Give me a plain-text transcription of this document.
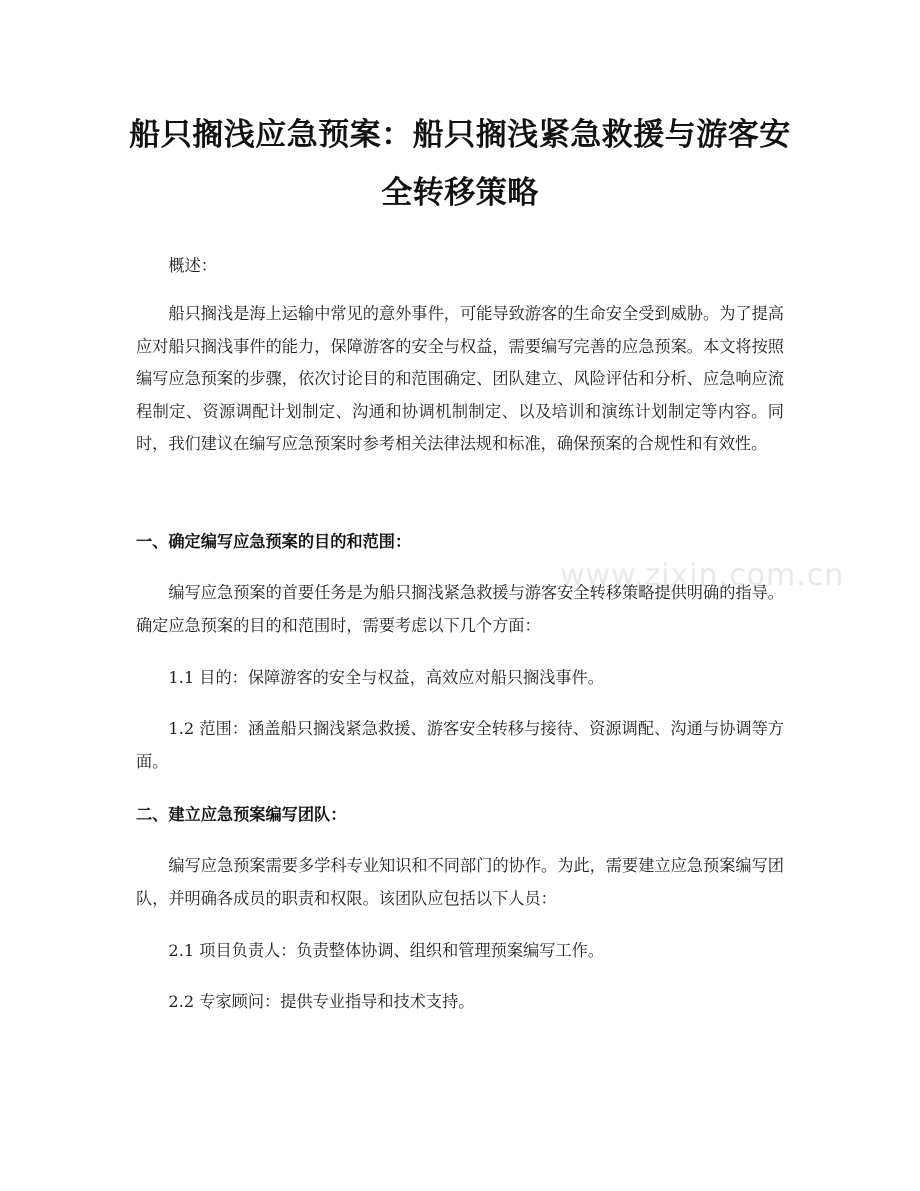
船只搁浅应急预案：船只搁浅紧急救援与游客安全转移策略

概述：

船只搁浅是海上运输中常见的意外事件，可能导致游客的生命安全受到威胁。为了提高应对船只搁浅事件的能力，保障游客的安全与权益，需要编写完善的应急预案。本文将按照编写应急预案的步骤，依次讨论目的和范围确定、团队建立、风险评估和分析、应急响应流程制定、资源调配计划制定、沟通和协调机制制定、以及培训和演练计划制定等内容。同时，我们建议在编写应急预案时参考相关法律法规和标准，确保预案的合规性和有效性。

一、确定编写应急预案的目的和范围：

编写应急预案的首要任务是为船只搁浅紧急救援与游客安全转移策略提供明确的指导。确定应急预案的目的和范围时，需要考虑以下几个方面：

1.1 目的：保障游客的安全与权益，高效应对船只搁浅事件。

1.2 范围：涵盖船只搁浅紧急救援、游客安全转移与接待、资源调配、沟通与协调等方面。

二、建立应急预案编写团队：

编写应急预案需要多学科专业知识和不同部门的协作。为此，需要建立应急预案编写团队，并明确各成员的职责和权限。该团队应包括以下人员：

2.1 项目负责人：负责整体协调、组织和管理预案编写工作。

2.2 专家顾问：提供专业指导和技术支持。

www.zixin.com.cn
